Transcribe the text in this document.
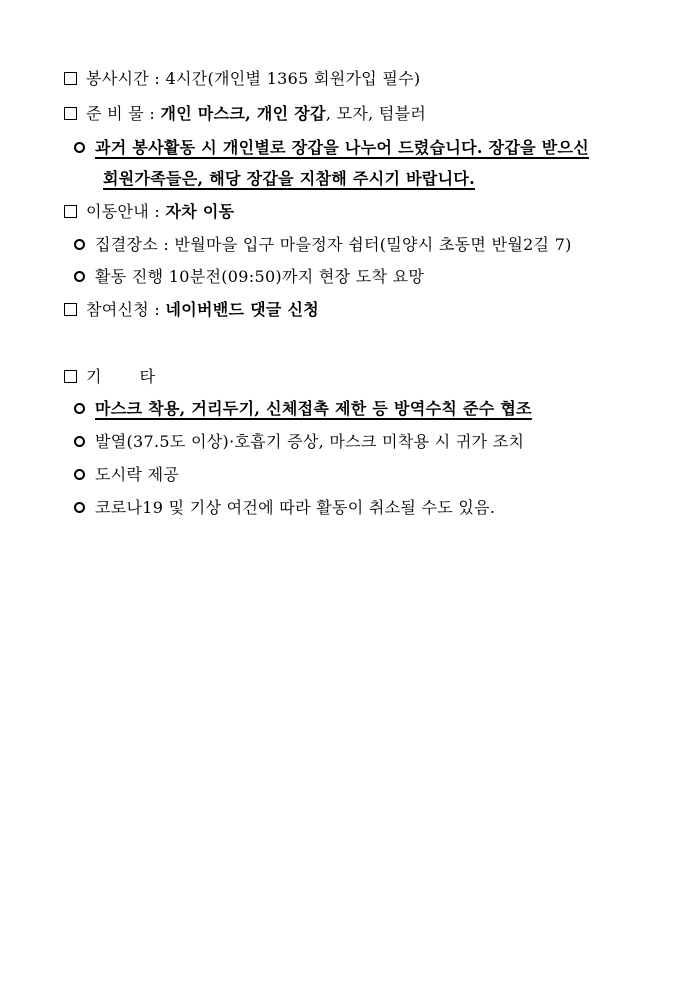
봉사시간 : 4시간(개인별 1365 회원가입 필수)
준 비 물 : 개인 마스크, 개인 장갑, 모자, 텀블러
과거 봉사활동 시 개인별로 장갑을 나누어 드렸습니다. 장갑을 받으신
회원가족들은, 해당 장갑을 지참해 주시기 바랍니다.
이동안내 : 자차 이동
집결장소 : 반월마을 입구 마을정자 쉼터(밀양시 초동면 반월2길 7)
활동 진행 10분전(09:50)까지 현장 도착 요망
참여신청 : 네이버밴드 댓글 신청
기       타
마스크 착용, 거리두기, 신체접촉 제한 등 방역수칙 준수 협조
발열(37.5도 이상)·호흡기 증상, 마스크 미착용 시 귀가 조치
도시락 제공
코로나19 및 기상 여건에 따라 활동이 취소될 수도 있음.
